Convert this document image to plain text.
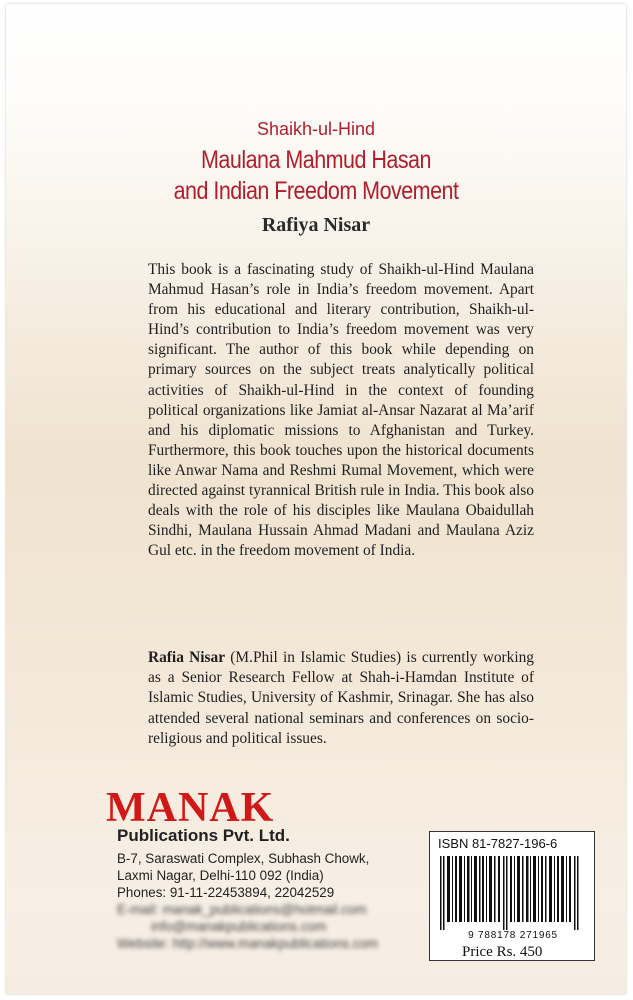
Shaikh-ul-Hind
Maulana Mahmud Hasan
and Indian Freedom Movement
Rafiya Nisar

This book is a fascinating study of Shaikh-ul-Hind Maulana Mahmud Hasan’s role in India’s freedom movement. Apart from his educational and literary contribution, Shaikh-ul-Hind’s contribution to India’s freedom movement was very significant. The author of this book while depending on primary sources on the subject treats analytically political activities of Shaikh-ul-Hind in the context of founding political organizations like Jamiat al-Ansar Nazarat al Ma’arif and his diplomatic missions to Afghanistan and Turkey. Furthermore, this book touches upon the historical documents like Anwar Nama and Reshmi Rumal Movement, which were directed against tyrannical British rule in India. This book also deals with the role of his disciples like Maulana Obaidullah Sindhi, Maulana Hussain Ahmad Madani and Maulana Aziz Gul etc. in the freedom movement of India.

Rafia Nisar (M.Phil in Islamic Studies) is currently working as a Senior Research Fellow at Shah-i-Hamdan Institute of Islamic Studies, University of Kashmir, Srinagar. She has also attended several national seminars and conferences on socio-religious and political issues.

MANAK
Publications Pvt. Ltd.
B-7, Saraswati Complex, Subhash Chowk,
Laxmi Nagar, Delhi-110 092 (India)
Phones: 91-11-22453894, 22042529
E-mail: manak_publications@hotmail.com
info@manakpublications.com
Website: http://www.manakpublications.com
ISBN 81-7827-196-6
9 788178 271965
Price Rs. 450
